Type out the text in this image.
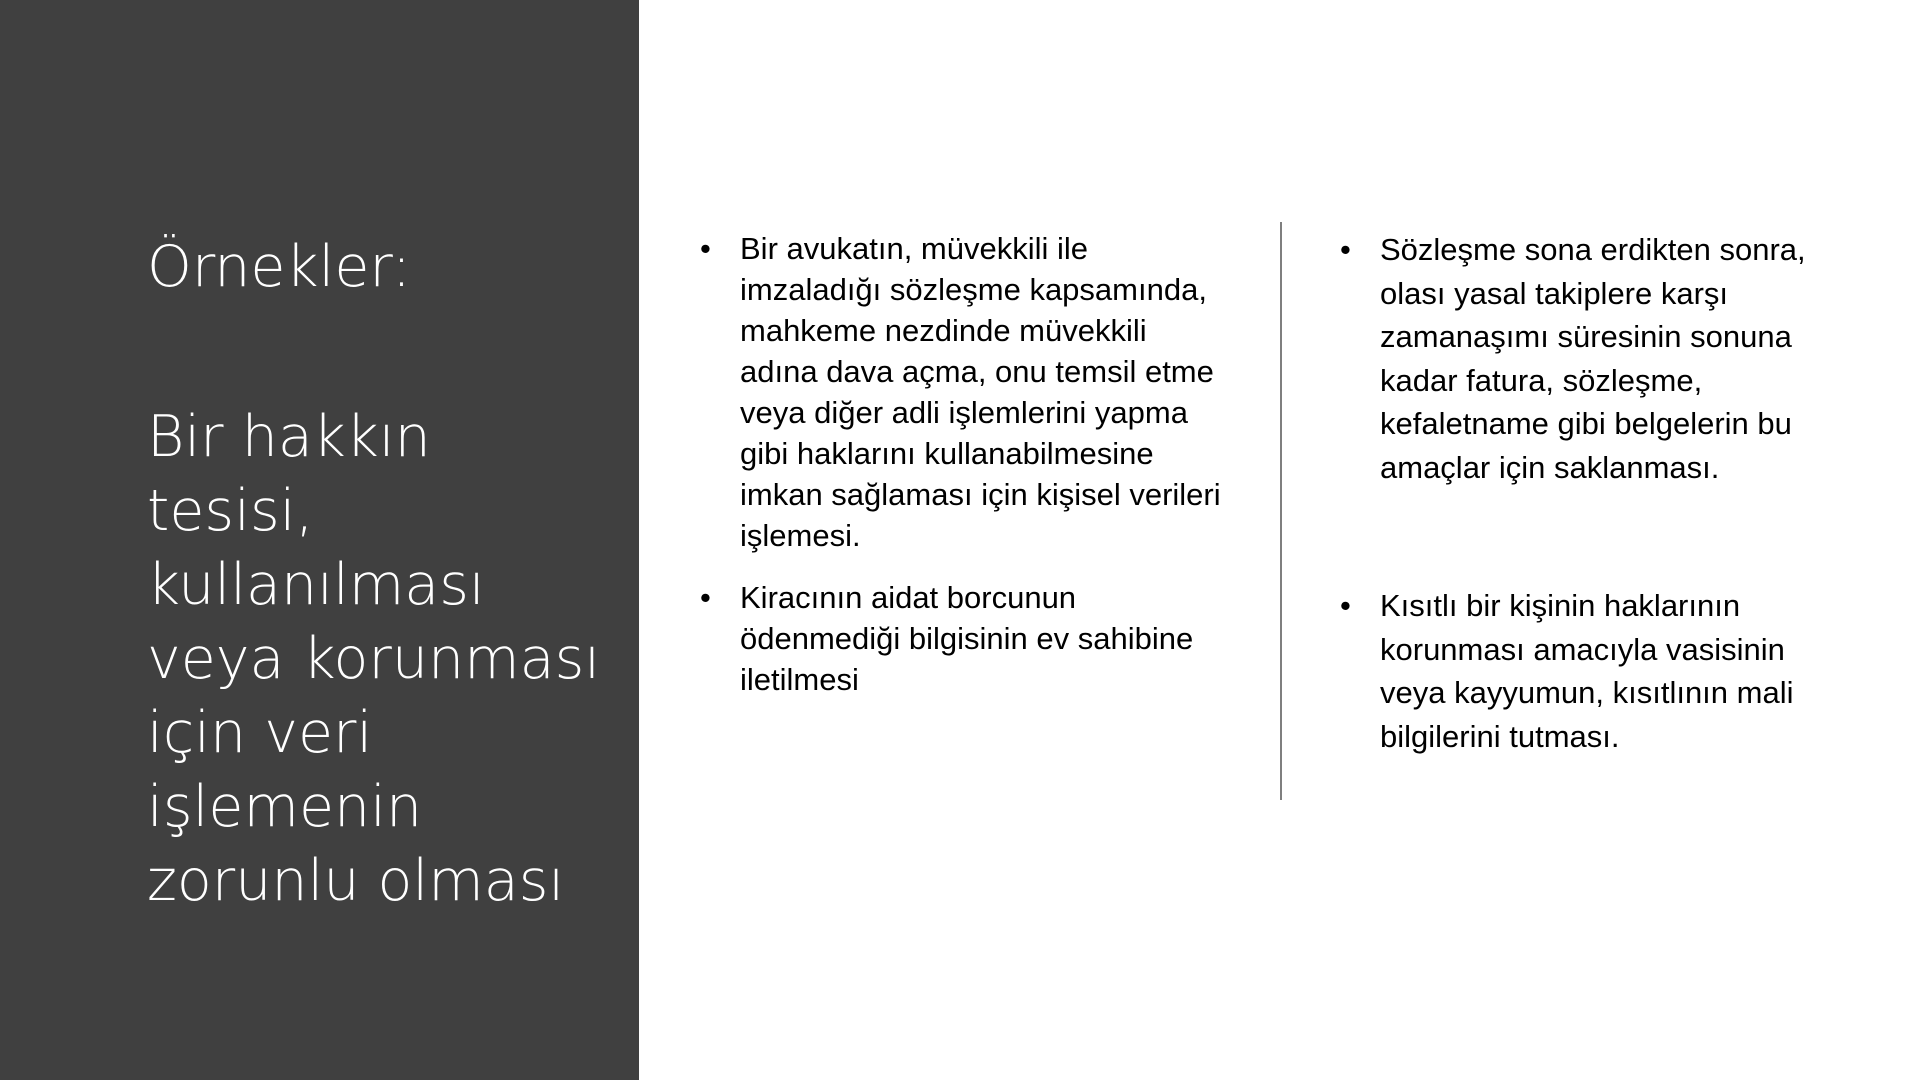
Örnekler:
Bir hakkın
tesisi,
kullanılması
veya korunması
için veri
işlemenin
zorunlu olması
• Bir avukatın, müvekkili ile imzaladığı sözleşme kapsamında, mahkeme nezdinde müvekkili adına dava açma, onu temsil etme veya diğer adli işlemlerini yapma gibi haklarını kullanabilmesine imkan sağlaması için kişisel verileri işlemesi.
• Kiracının aidat borcunun ödenmediği bilgisinin ev sahibine iletilmesi
• Sözleşme sona erdikten sonra, olası yasal takiplere karşı zamanaşımı süresinin sonuna kadar fatura, sözleşme, kefaletname gibi belgelerin bu amaçlar için saklanması.
• Kısıtlı bir kişinin haklarının korunması amacıyla vasisinin veya kayyumun, kısıtlının mali bilgilerini tutması.
